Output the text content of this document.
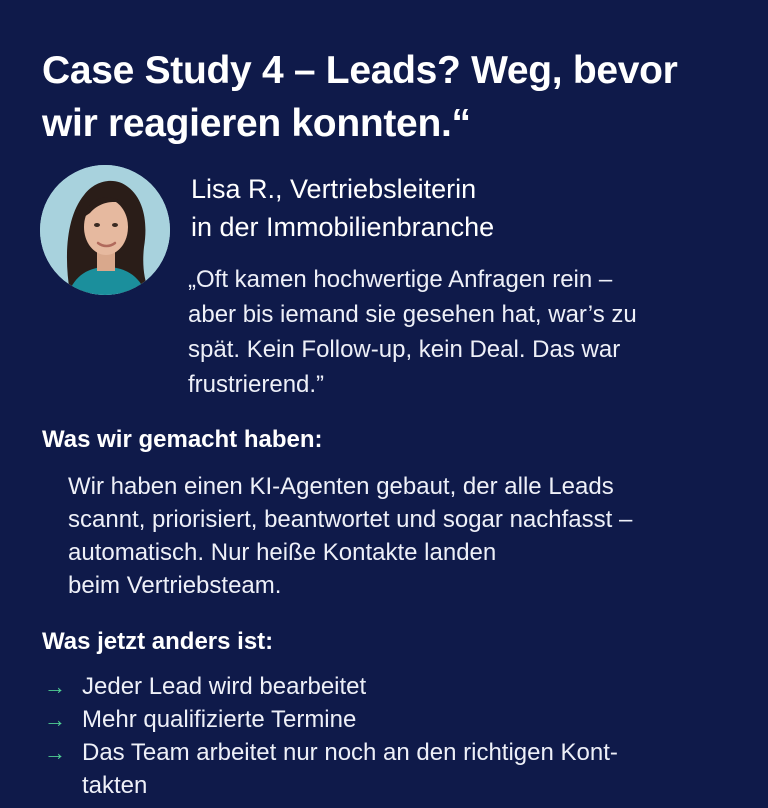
Case Study 4 – Leads? Weg, bevor
wir reagieren konnten.“
Lisa R., Vertriebsleiterin
in der Immobilienbranche
„Oft kamen hochwertige Anfragen rein –
aber bis iemand sie gesehen hat, war’s zu
spät. Kein Follow-up, kein Deal. Das war
frustrierend.”
Was wir gemacht haben:
Wir haben einen KI-Agenten gebaut, der alle Leads
scannt, priorisiert, beantwortet und sogar nachfasst –
automatisch. Nur heiße Kontakte landen
beim Vertriebsteam.
Was jetzt anders ist:
→ Jeder Lead wird bearbeitet
→ Mehr qualifizierte Termine
→ Das Team arbeitet nur noch an den richtigen Kont-
takten
